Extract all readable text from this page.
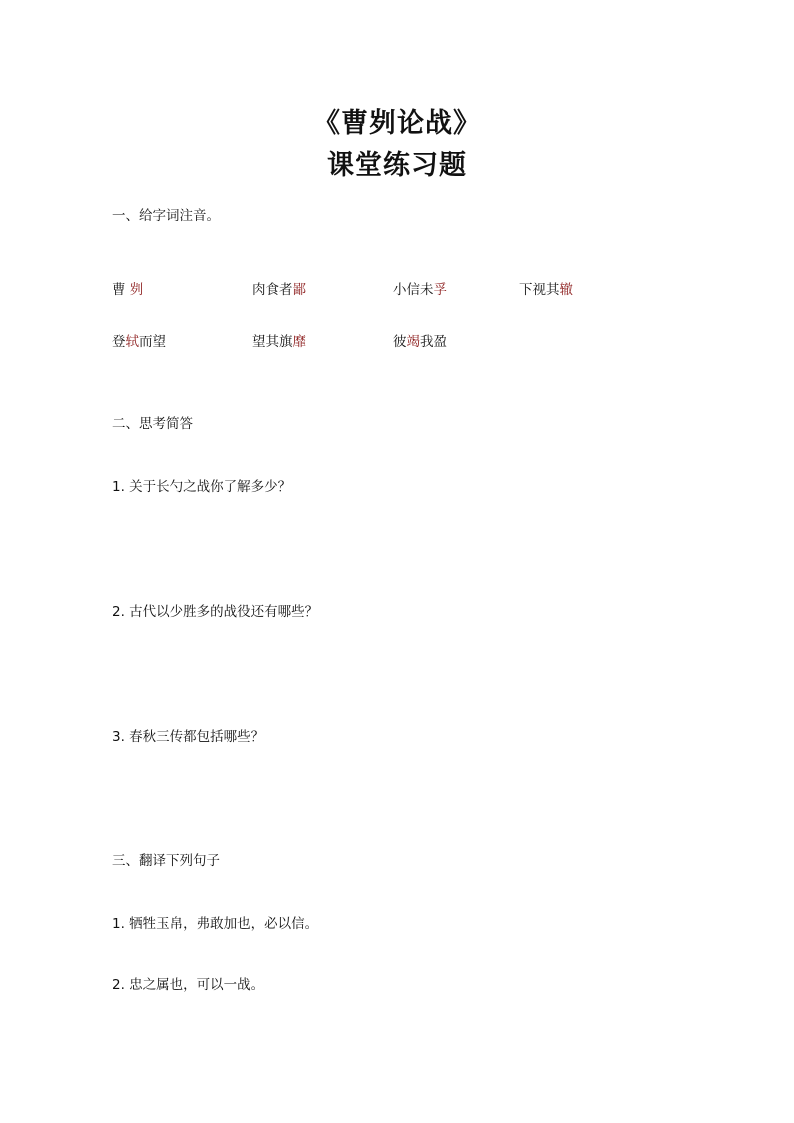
《曹刿论战》
课堂练习题
一、给字词注音。
曹 刿	肉食者鄙	小信未孚	下视其辙
登轼而望	望其旗靡	彼竭我盈
二、思考简答
1. 关于长勺之战你了解多少？
2. 古代以少胜多的战役还有哪些？
3. 春秋三传都包括哪些？
三、翻译下列句子
1. 牺牲玉帛，弗敢加也，必以信。
2. 忠之属也，可以一战。
